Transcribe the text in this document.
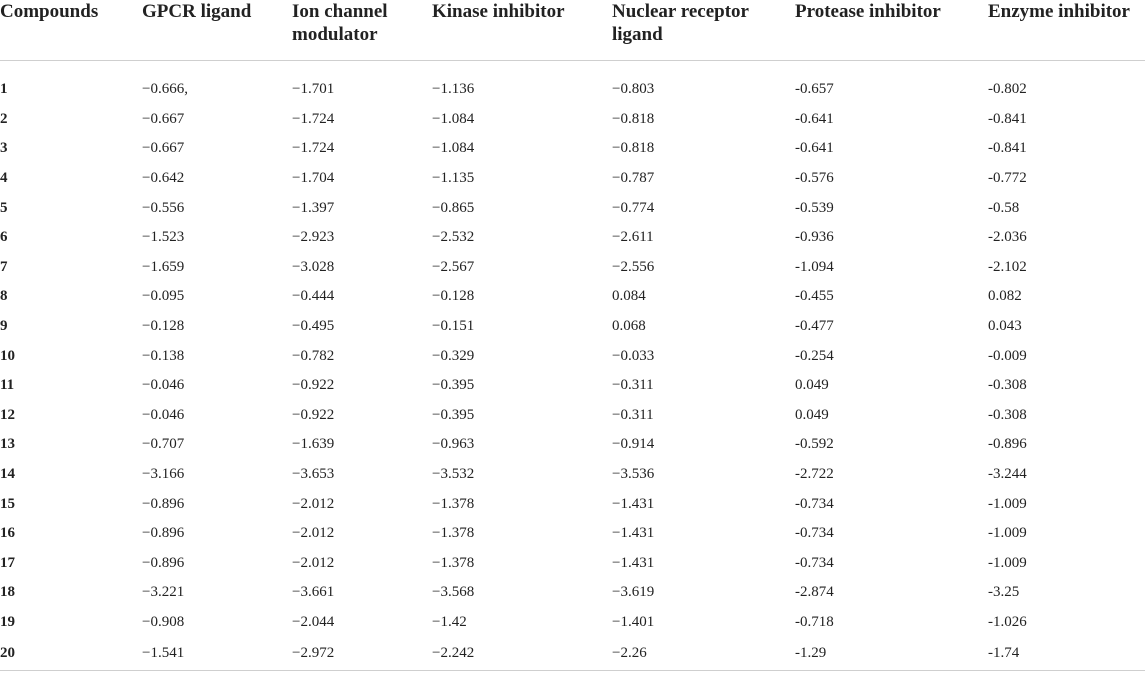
Compounds	GPCR ligand	Ion channel modulator	Kinase inhibitor	Nuclear receptor ligand	Protease inhibitor	Enzyme inhibitor

1	−0.666,	−1.701	−1.136	−0.803	-0.657	-0.802
2	−0.667	−1.724	−1.084	−0.818	-0.641	-0.841
3	−0.667	−1.724	−1.084	−0.818	-0.641	-0.841
4	−0.642	−1.704	−1.135	−0.787	-0.576	-0.772
5	−0.556	−1.397	−0.865	−0.774	-0.539	-0.58
6	−1.523	−2.923	−2.532	−2.611	-0.936	-2.036
7	−1.659	−3.028	−2.567	−2.556	-1.094	-2.102
8	−0.095	−0.444	−0.128	0.084	-0.455	0.082
9	−0.128	−0.495	−0.151	0.068	-0.477	0.043
10	−0.138	−0.782	−0.329	−0.033	-0.254	-0.009
11	−0.046	−0.922	−0.395	−0.311	0.049	-0.308
12	−0.046	−0.922	−0.395	−0.311	0.049	-0.308
13	−0.707	−1.639	−0.963	−0.914	-0.592	-0.896
14	−3.166	−3.653	−3.532	−3.536	-2.722	-3.244
15	−0.896	−2.012	−1.378	−1.431	-0.734	-1.009
16	−0.896	−2.012	−1.378	−1.431	-0.734	-1.009
17	−0.896	−2.012	−1.378	−1.431	-0.734	-1.009
18	−3.221	−3.661	−3.568	−3.619	-2.874	-3.25
19	−0.908	−2.044	−1.42	−1.401	-0.718	-1.026
20	−1.541	−2.972	−2.242	−2.26	-1.29	-1.74
